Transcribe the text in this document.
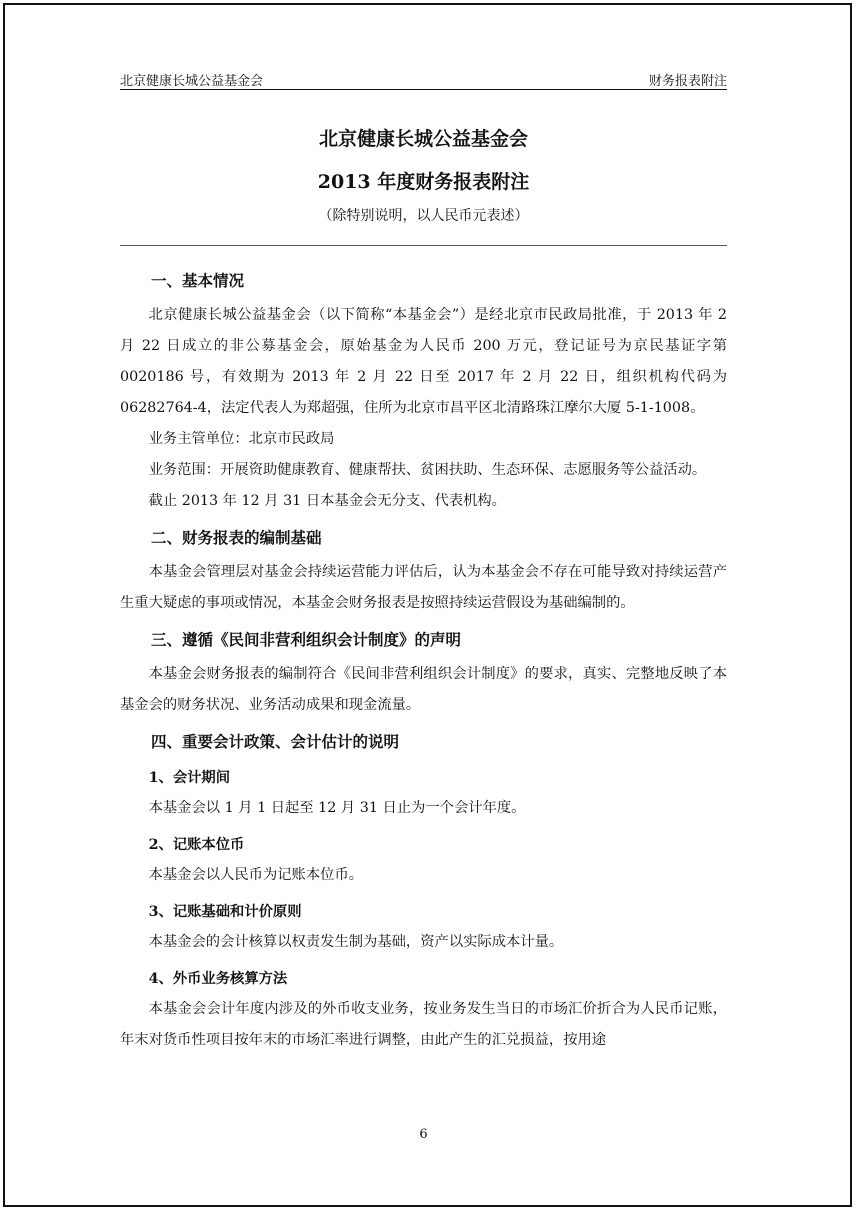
北京健康长城公益基金会	财务报表附注
北京健康长城公益基金会
2013 年度财务报表附注
（除特别说明，以人民币元表述）
一、基本情况

北京健康长城公益基金会（以下简称“本基金会”）是经北京市民政局批准，于 2013 年 2 月 22 日成立的非公募基金会，原始基金为人民币 200 万元，登记证号为京民基证字第 0020186 号，有效期为 2013 年 2 月 22 日至 2017 年 2 月 22 日，组织机构代码为 06282764-4，法定代表人为郑超强，住所为北京市昌平区北清路珠江摩尔大厦 5-1-1008。

业务主管单位：北京市民政局

业务范围：开展资助健康教育、健康帮扶、贫困扶助、生态环保、志愿服务等公益活动。

截止 2013 年 12 月 31 日本基金会无分支、代表机构。

二、财务报表的编制基础

本基金会管理层对基金会持续运营能力评估后，认为本基金会不存在可能导致对持续运营产生重大疑虑的事项或情况，本基金会财务报表是按照持续运营假设为基础编制的。

三、遵循《民间非营利组织会计制度》的声明

本基金会财务报表的编制符合《民间非营利组织会计制度》的要求，真实、完整地反映了本基金会的财务状况、业务活动成果和现金流量。

四、重要会计政策、会计估计的说明
1、会计期间

本基金会以 1 月 1 日起至 12 月 31 日止为一个会计年度。

2、记账本位币

本基金会以人民币为记账本位币。

3、记账基础和计价原则

本基金会的会计核算以权责发生制为基础，资产以实际成本计量。

4、外币业务核算方法

本基金会会计年度内涉及的外币收支业务，按业务发生当日的市场汇价折合为人民币记账，年末对货币性项目按年末的市场汇率进行调整，由此产生的汇兑损益，按用途

6
